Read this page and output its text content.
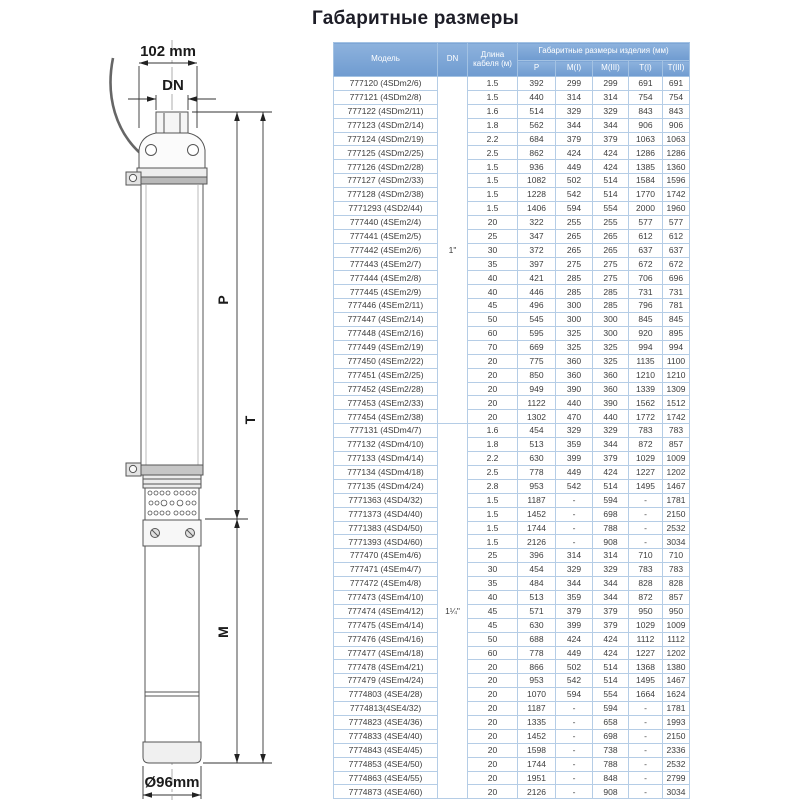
Габаритные размеры
102 mm
DN
P
M
T
Ø96mm
Модель	DN	Длина кабеля (м)	Габаритные размеры изделия (мм)				
			P	M(I)	M(III)	T(I)	T(III)
777120 (4SDm2/6)	1"	1.5	392	299	299	691	691
777121 (4SDm2/8)		1.5	440	314	314	754	754
777122 (4SDm2/11)		1.6	514	329	329	843	843
777123 (4SDm2/14)		1.8	562	344	344	906	906
777124 (4SDm2/19)		2.2	684	379	379	1063	1063
777125 (4SDm2/25)		2.5	862	424	424	1286	1286
777126 (4SDm2/28)		1.5	936	449	424	1385	1360
777127 (4SDm2/33)		1.5	1082	502	514	1584	1596
777128 (4SDm2/38)		1.5	1228	542	514	1770	1742
7771293 (4SD2/44)		1.5	1406	594	554	2000	1960
777440 (4SEm2/4)		20	322	255	255	577	577
777441 (4SEm2/5)		25	347	265	265	612	612
777442 (4SEm2/6)		30	372	265	265	637	637
777443 (4SEm2/7)		35	397	275	275	672	672
777444 (4SEm2/8)		40	421	285	275	706	696
777445 (4SEm2/9)		40	446	285	285	731	731
777446 (4SEm2/11)		45	496	300	285	796	781
777447 (4SEm2/14)		50	545	300	300	845	845
777448 (4SEm2/16)		60	595	325	300	920	895
777449 (4SEm2/19)		70	669	325	325	994	994
777450 (4SEm2/22)		20	775	360	325	1135	1100
777451 (4SEm2/25)		20	850	360	360	1210	1210
777452 (4SEm2/28)		20	949	390	360	1339	1309
777453 (4SEm2/33)		20	1122	440	390	1562	1512
777454 (4SEm2/38)		20	1302	470	440	1772	1742
777131 (4SDm4/7)	1¼"	1.6	454	329	329	783	783
777132 (4SDm4/10)		1.8	513	359	344	872	857
777133 (4SDm4/14)		2.2	630	399	379	1029	1009
777134 (4SDm4/18)		2.5	778	449	424	1227	1202
777135 (4SDm4/24)		2.8	953	542	514	1495	1467
7771363 (4SD4/32)		1.5	1187	-	594	-	1781
7771373 (4SD4/40)		1.5	1452	-	698	-	2150
7771383 (4SD4/50)		1.5	1744	-	788	-	2532
7771393 (4SD4/60)		1.5	2126	-	908	-	3034
777470 (4SEm4/6)		25	396	314	314	710	710
777471 (4SEm4/7)		30	454	329	329	783	783
777472 (4SEm4/8)		35	484	344	344	828	828
777473 (4SEm4/10)		40	513	359	344	872	857
777474 (4SEm4/12)		45	571	379	379	950	950
777475 (4SEm4/14)		45	630	399	379	1029	1009
777476 (4SEm4/16)		50	688	424	424	1112	1112
777477 (4SEm4/18)		60	778	449	424	1227	1202
777478 (4SEm4/21)		20	866	502	514	1368	1380
777479 (4SEm4/24)		20	953	542	514	1495	1467
7774803 (4SE4/28)		20	1070	594	554	1664	1624
7774813(4SE4/32)		20	1187	-	594	-	1781
7774823 (4SE4/36)		20	1335	-	658	-	1993
7774833 (4SE4/40)		20	1452	-	698	-	2150
7774843 (4SE4/45)		20	1598	-	738	-	2336
7774853 (4SE4/50)		20	1744	-	788	-	2532
7774863 (4SE4/55)		20	1951	-	848	-	2799
7774873 (4SE4/60)		20	2126	-	908	-	3034
